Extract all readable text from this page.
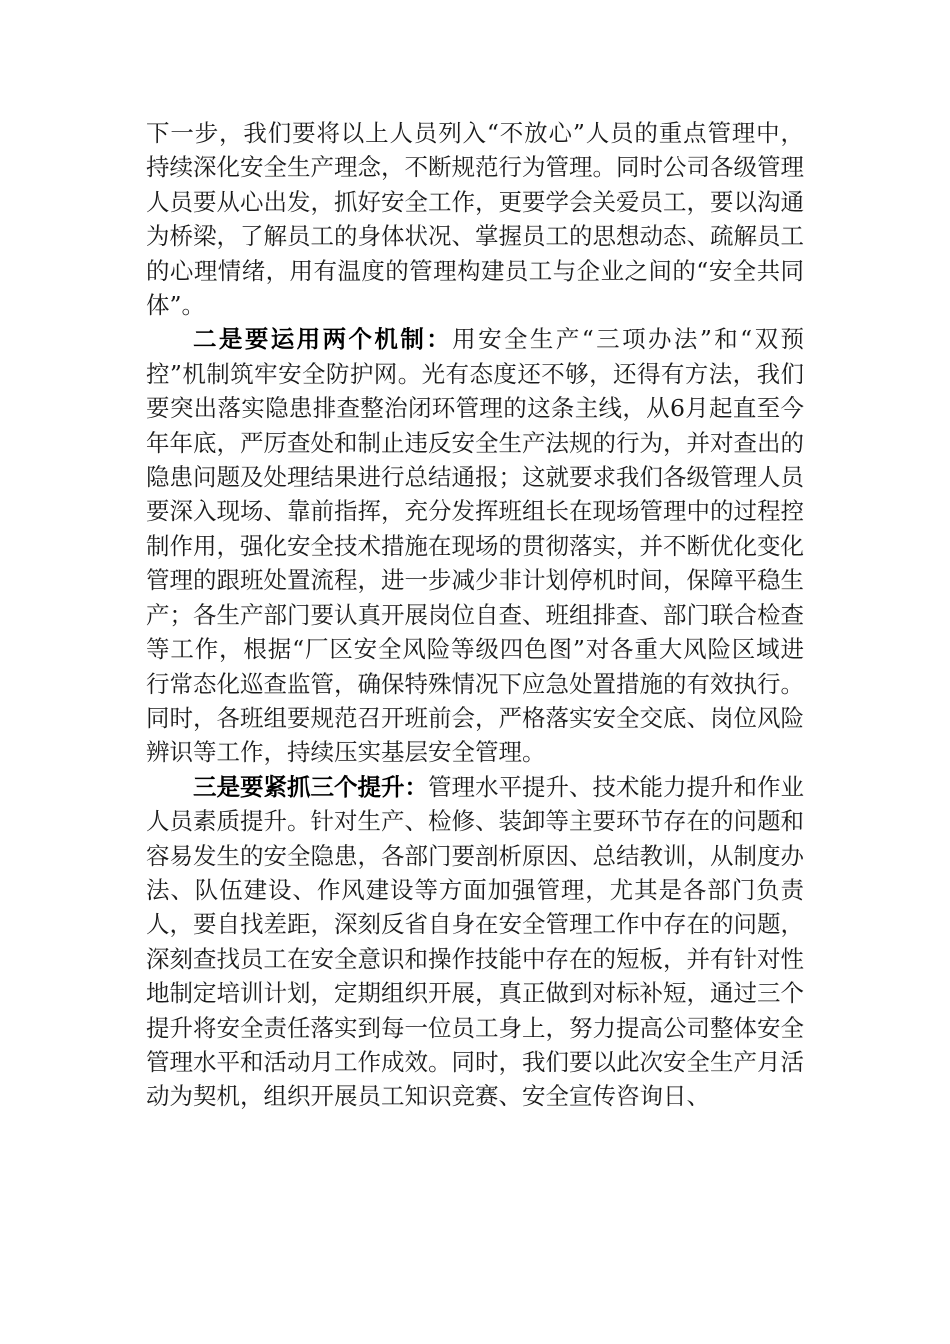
下一步，我们要将以上人员列入“不放心”人员的重点管理中，持续深化安全生产理念，不断规范行为管理。同时公司各级管理人员要从心出发，抓好安全工作，更要学会关爱员工，要以沟通为桥梁，了解员工的身体状况、掌握员工的思想动态、疏解员工的心理情绪，用有温度的管理构建员工与企业之间的“安全共同体”。

二是要运用两个机制：用安全生产“三项办法”和“双预控”机制筑牢安全防护网。光有态度还不够，还得有方法，我们要突出落实隐患排查整治闭环管理的这条主线，从6月起直至今年年底，严厉查处和制止违反安全生产法规的行为，并对查出的隐患问题及处理结果进行总结通报；这就要求我们各级管理人员要深入现场、靠前指挥，充分发挥班组长在现场管理中的过程控制作用，强化安全技术措施在现场的贯彻落实，并不断优化变化管理的跟班处置流程，进一步减少非计划停机时间，保障平稳生产；各生产部门要认真开展岗位自查、班组排查、部门联合检查等工作，根据“厂区安全风险等级四色图”对各重大风险区域进行常态化巡查监管，确保特殊情况下应急处置措施的有效执行。同时，各班组要规范召开班前会，严格落实安全交底、岗位风险辨识等工作，持续压实基层安全管理。

三是要紧抓三个提升：管理水平提升、技术能力提升和作业人员素质提升。针对生产、检修、装卸等主要环节存在的问题和容易发生的安全隐患，各部门要剖析原因、总结教训，从制度办法、队伍建设、作风建设等方面加强管理，尤其是各部门负责人，要自找差距，深刻反省自身在安全管理工作中存在的问题，深刻查找员工在安全意识和操作技能中存在的短板，并有针对性地制定培训计划，定期组织开展，真正做到对标补短，通过三个提升将安全责任落实到每一位员工身上，努力提高公司整体安全管理水平和活动月工作成效。同时，我们要以此次安全生产月活动为契机，组织开展员工知识竞赛、安全宣传咨询日、
